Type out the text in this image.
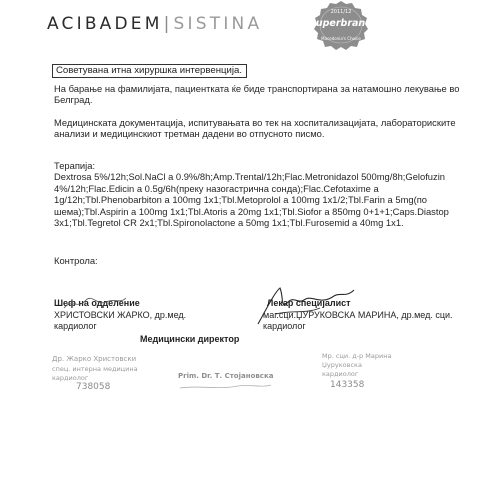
ACIBADEM|SISTINA
2011/12
Superbrands
Macedonia's Choice
Советувана итна хируршка интервенција.
На барање на фамилијата, пациентката ќе биде транспортирана за натамошно лекување во Белград.
Медицинската документација, испитувањата во тек на хоспитализацијата, лабораториските анализи и медицинскиот третман дадени во отпусното писмо.
Терапија:
Dextrosa 5%/12h;Sol.NaCl a 0.9%/8h;Amp.Trental/12h;Flac.Metronidazol 500mg/8h;Gelofuzin
4%/12h;Flac.Edicin a 0.5g/6h(преку назогастрична сонда);Flac.Cefotaxime a
1g/12h;Tbl.Phenobarbiton a 100mg 1x1;Tbl.Metoprolol a 100mg 1x1/2;Tbl.Farin a 5mg(по
шема);Tbl.Aspirin a 100mg 1x1;Tbl.Atoris a 20mg 1x1;Tbl.Siofor a 850mg 0+1+1;Caps.Diastop
3x1;Tbl.Tegretol CR 2x1;Tbl.Spironolactone a 50mg 1x1;Tbl.Furosemid a 40mg 1x1.
Контрола:
Шеф на одделение
ХРИСТОВСКИ ЖАРКО, др.мед.
кардиолог
Лекар специјалист
маг.сци.ЏУРУКОВСКА МАРИНА, др.мед. сци.
кардиолог
Медицински директор
Др. Жарко Христовски
спец. интерна медицина
кардиолог
738058
Prim. Dr. Т. Стојановска
Мр. сци. д-р Марина
Џуруковска
кардиолог
143358
